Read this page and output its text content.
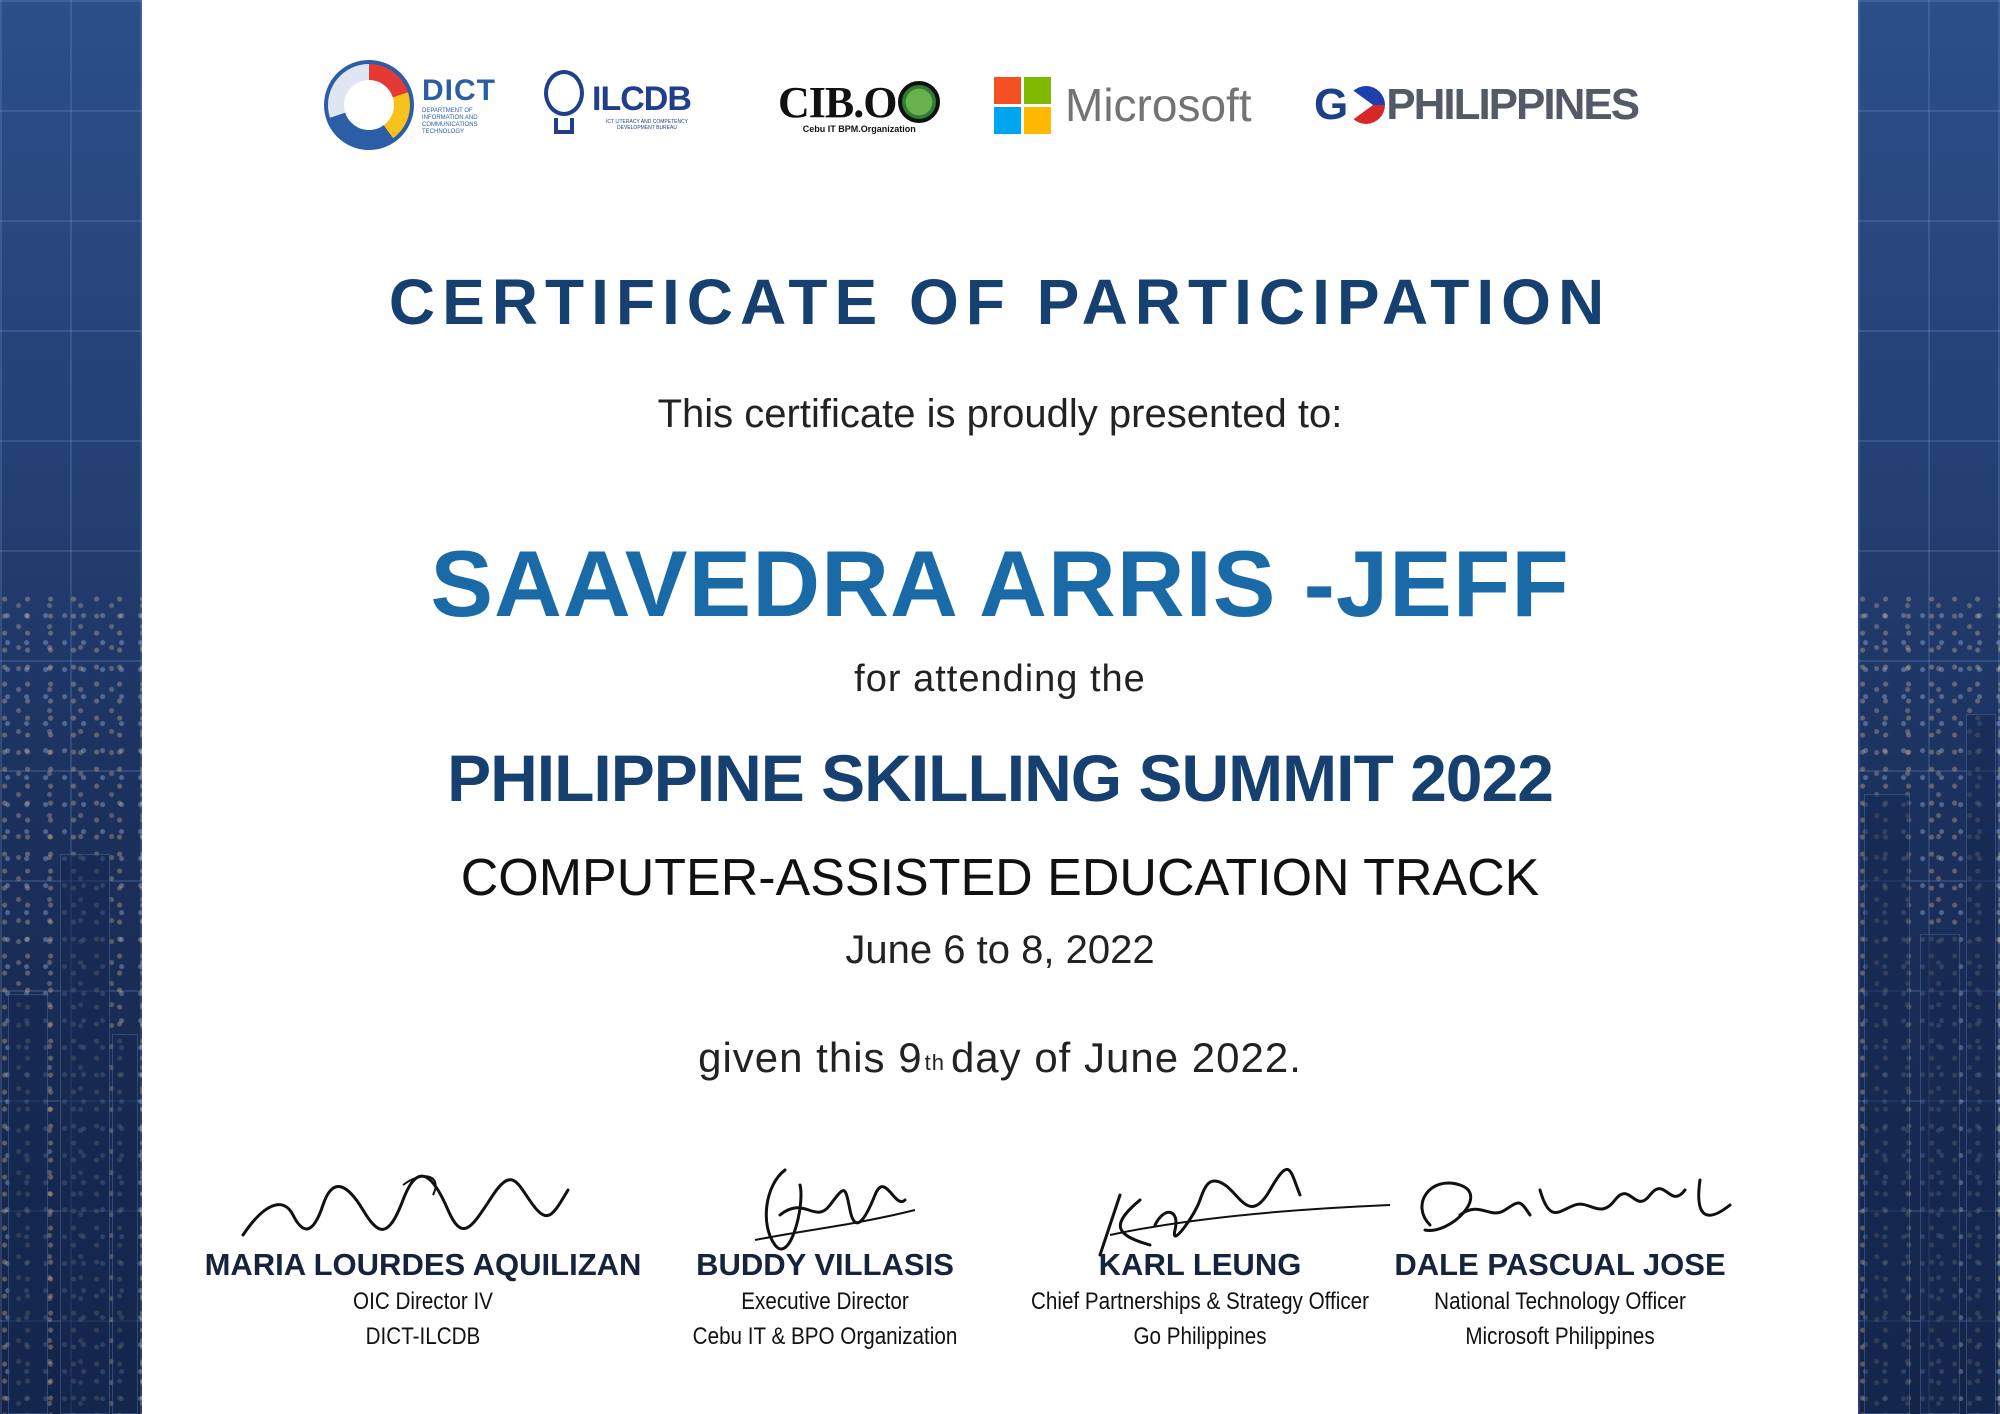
DICT
DEPARTMENT OF INFORMATION AND COMMUNICATIONS TECHNOLOGY
ILCDB
ICT LITERACY AND COMPETENCY DEVELOPMENT BUREAU
CIB.O
Cebu IT BPM.Organization	Microsoft G PHILIPPINES
CERTIFICATE OF PARTICIPATION
This certificate is proudly presented to:
SAAVEDRA ARRIS -JEFF
for attending the
PHILIPPINE SKILLING SUMMIT 2022
COMPUTER-ASSISTED EDUCATION TRACK
June 6 to 8, 2022
given this 9th day of June 2022.
MARIA LOURDES AQUILIZAN
OIC Director IV
DICT-ILCDB
BUDDY VILLASIS
Executive Director
Cebu IT & BPO Organization
KARL LEUNG
Chief Partnerships & Strategy Officer
Go Philippines
DALE PASCUAL JOSE
National Technology Officer
Microsoft Philippines
